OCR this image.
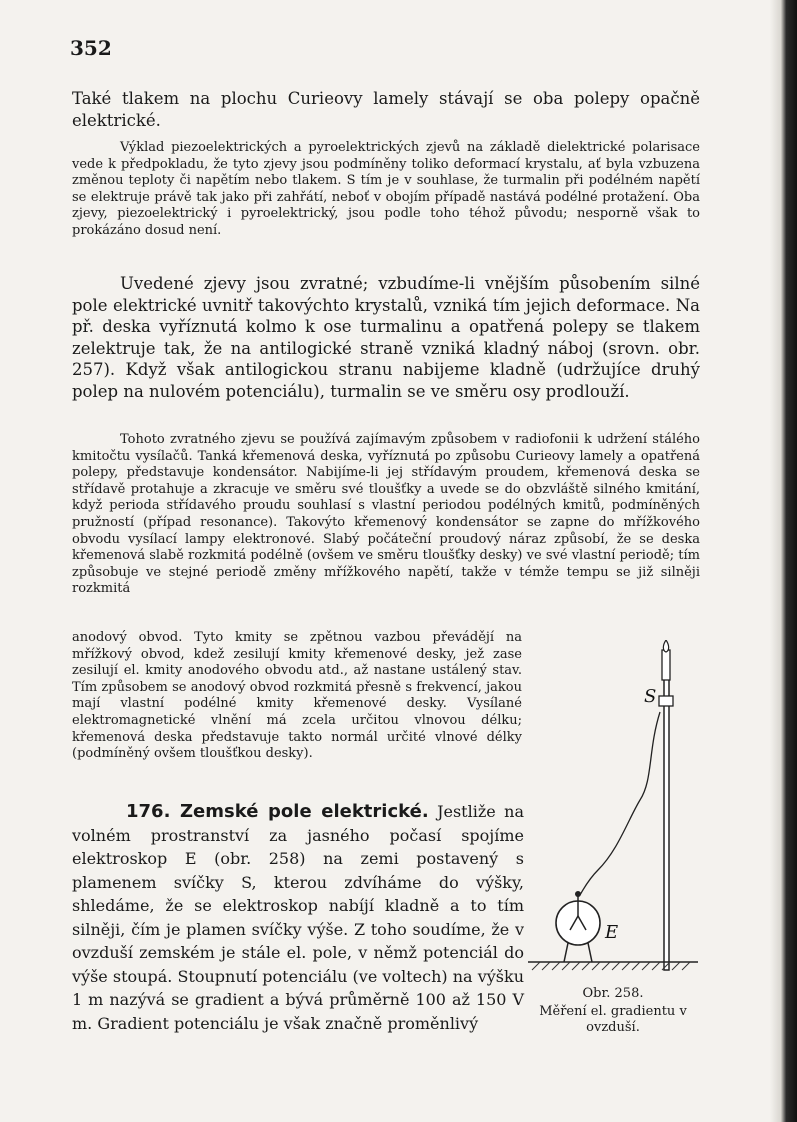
352

Také tlakem na plochu Curieovy lamely stávají se oba polepy opačně elektrické.

Výklad piezoelektrických a pyroelektrických zjevů na základě dielektrické polarisace vede k předpokladu, že tyto zjevy jsou podmíněny toliko deformací krystalu, ať byla vzbuzena změnou teploty či napětím nebo tlakem. S tím je v souhlase, že turmalin při podélném napětí se elektruje právě tak jako při zahřátí, neboť v obojím případě nastává podélné protažení. Oba zjevy, piezoelektrický i pyroelektrický, jsou podle toho téhož původu; nesporně však to prokázáno dosud není.

Uvedené zjevy jsou zvratné; vzbudíme-li vnějším působením silné pole elektrické uvnitř takovýchto krystalů, vzniká tím jejich deformace. Na př. deska vyříznutá kolmo k ose turmalinu a opatřená polepy se tlakem zelektruje tak, že na antilogické straně vzniká kladný náboj (srovn. obr. 257). Když však antilogickou stranu nabijeme kladně (udržujíce druhý polep na nulovém potenciálu), turmalin se ve směru osy prodlouží.

Tohoto zvratného zjevu se používá zajímavým způsobem v radiofonii k udržení stálého kmitočtu vysílačů. Tanká křemenová deska, vyříznutá po způsobu Curieovy lamely a opatřená polepy, představuje kondensátor. Nabijíme-li jej střídavým proudem, křemenová deska se střídavě protahuje a zkracuje ve směru své tloušťky a uvede se do obzvláště silného kmitání, když perioda střídavého proudu souhlasí s vlastní periodou podélných kmitů, podmíněných pružností (případ resonance). Takovýto křemenový kondensátor se zapne do mřížkového obvodu vysílací lampy elektronové. Slabý počáteční proudový náraz způsobí, že se deska křemenová slabě rozkmitá podélně (ovšem ve směru tloušťky desky) ve své vlastní periodě; tím způsobuje ve stejné periodě změny mřížkového napětí, takže v témže tempu se již silněji rozkmitá

anodový obvod. Tyto kmity se zpětnou vazbou převádějí na mřížkový obvod, kdež zesilují kmity křemenové desky, jež zase zesilují el. kmity anodového obvodu atd., až nastane ustálený stav. Tím způsobem se anodový obvod rozkmitá přesně s frekvencí, jakou mají vlastní podélné kmity křemenové desky. Vysílané elektromagnetické vlnění má zcela určitou vlnovou délku; křemenová deska představuje takto normál určité vlnové délky (podmíněný ovšem tloušťkou desky).

176. Zemské pole elektrické. Jestliže na volném prostranství za jasného počasí spojíme elektroskop E (obr. 258) na zemi postavený s plamenem svíčky S, kterou zdvíháme do výšky, shledáme, že se elektroskop nabíjí kladně a to tím silněji, čím je plamen svíčky výše. Z toho soudíme, že v ovzduší zemském je stále el. pole, v němž potenciál do výše stoupá. Stoupnutí potenciálu (ve voltech) na výšku 1 m nazývá se gradient a bývá průměrně 100 až 150 V m. Gradient potenciálu je však značně proměnlivý
S
E
Obr. 258.
Měření el. gradientu v ovzduší.
